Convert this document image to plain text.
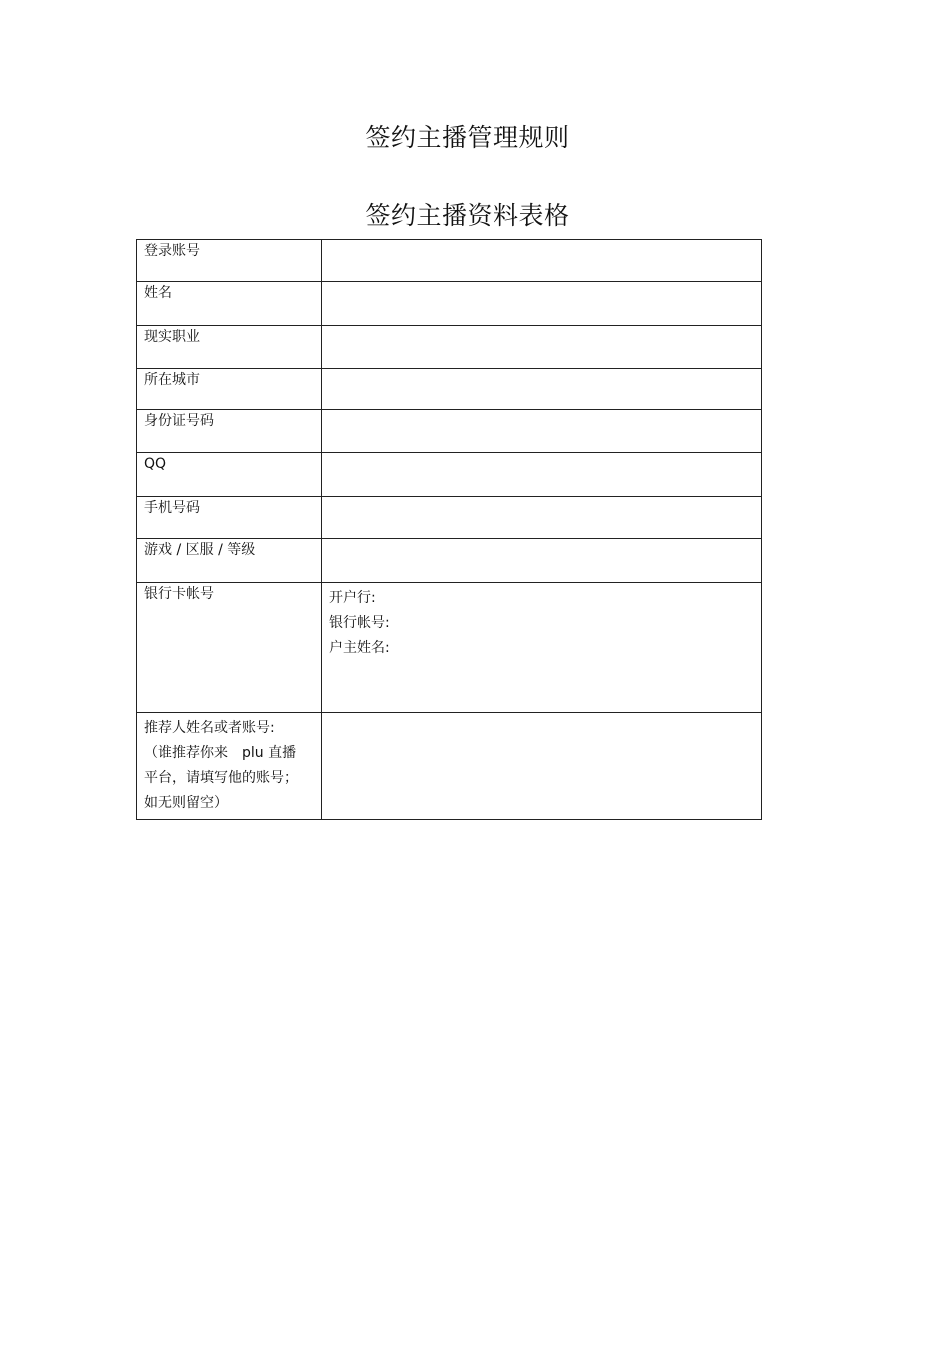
签约主播管理规则
签约主播资料表格
登录账号	
姓名	
现实职业	
所在城市	
身份证号码	
QQ	
手机号码	
游戏 / 区服 / 等级	
银行卡帐号	开户行:
银行帐号:
户主姓名:

推荐人姓名或者账号:
（谁推荐你来　plu 直播
平台，请填写他的账号；
如无则留空）	
